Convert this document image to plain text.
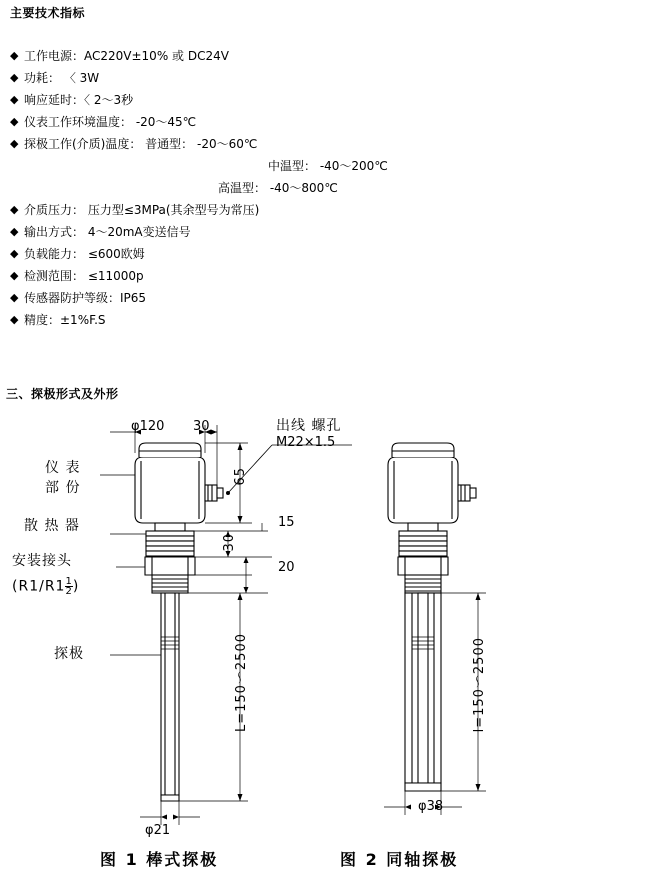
主要技术指标
◆ 工作电源：AC220V±10% 或 DC24V
◆ 功耗： 〈 3W
◆ 响应延时：〈 2～3秒
◆ 仪表工作环境温度： -20～45℃
◆ 探极工作(介质)温度： 普通型： -20～60℃
中温型： -40～200℃
高温型： -40～800℃
◆ 介质压力： 压力型≤3MPa(其余型号为常压)
◆ 输出方式： 4～20mA变送信号
◆ 负载能力： ≤600欧姆
◆ 检测范围： ≤11000p
◆ 传感器防护等级：IP65
◆ 精度：±1%F.S
三、探极形式及外形
φ120 30	出线 螺孔
M22×1.5
仪 表
部 份
散 热 器
安装接头
($R1/R1 \frac{1}{2}$ )
探极
65
15
30
20
L=150～2500
φ21
l=150～2500
φ38
图 1 棒式探极	图 2 同轴探极
